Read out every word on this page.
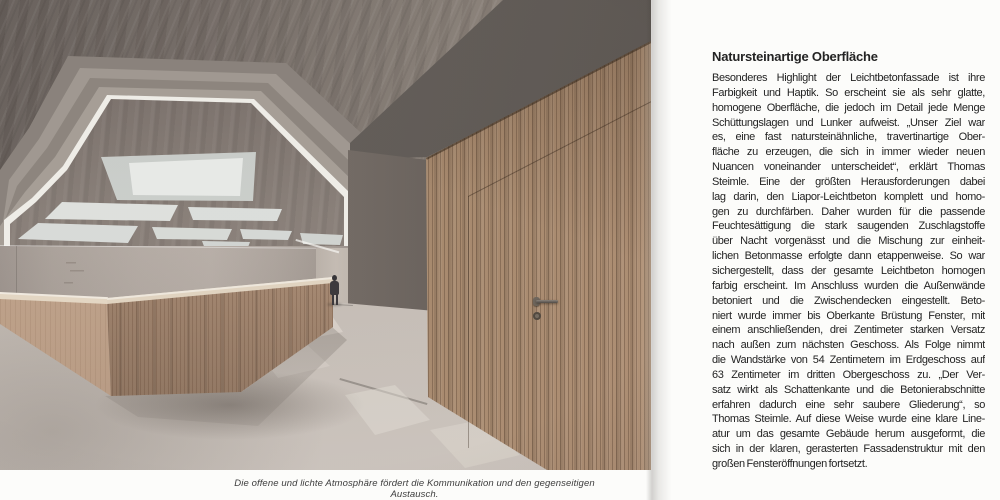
Die offene und lichte Atmosphäre fördert die Kommunikation und den gegenseitigen Austausch.
Natursteinartige Oberfläche
Besonderes Highlight der Leichtbetonfassade ist ihre
Farbigkeit und Haptik. So erscheint sie als sehr glatte,
homogene Oberfläche, die jedoch im Detail jede Menge
Schüttungslagen und Lunker aufweist. „Unser Ziel war
es, eine fast natursteinähnliche, travertinartige Ober-
fläche zu erzeugen, die sich in immer wieder neuen
Nuancen voneinander unterscheidet“, erklärt Thomas
Steimle. Eine der größten Herausforderungen dabei
lag darin, den Liapor-Leichtbeton komplett und homo-
gen zu durchfärben. Daher wurden für die passende
Feuchtesättigung die stark saugenden Zuschlagstoffe
über Nacht vorgenässt und die Mischung zur einheit-
lichen Betonmasse erfolgte dann etappenweise. So war
sichergestellt, dass der gesamte Leichtbeton homogen
farbig erscheint. Im Anschluss wurden die Außenwände
betoniert und die Zwischendecken eingestellt. Beto-
niert wurde immer bis Oberkante Brüstung Fenster, mit
einem anschließenden, drei Zentimeter starken Versatz
nach außen zum nächsten Geschoss. Als Folge nimmt
die Wandstärke von 54 Zentimetern im Erdgeschoss auf
63 Zentimeter im dritten Obergeschoss zu. „Der Ver-
satz wirkt als Schattenkante und die Betonierabschnitte
erfahren dadurch eine sehr saubere Gliederung“, so
Thomas Steimle. Auf diese Weise wurde eine klare Line-
atur um das gesamte Gebäude herum ausgeformt, die
sich in der klaren, gerasterten Fassadenstruktur mit den
großen Fensteröffnungen fortsetzt.
